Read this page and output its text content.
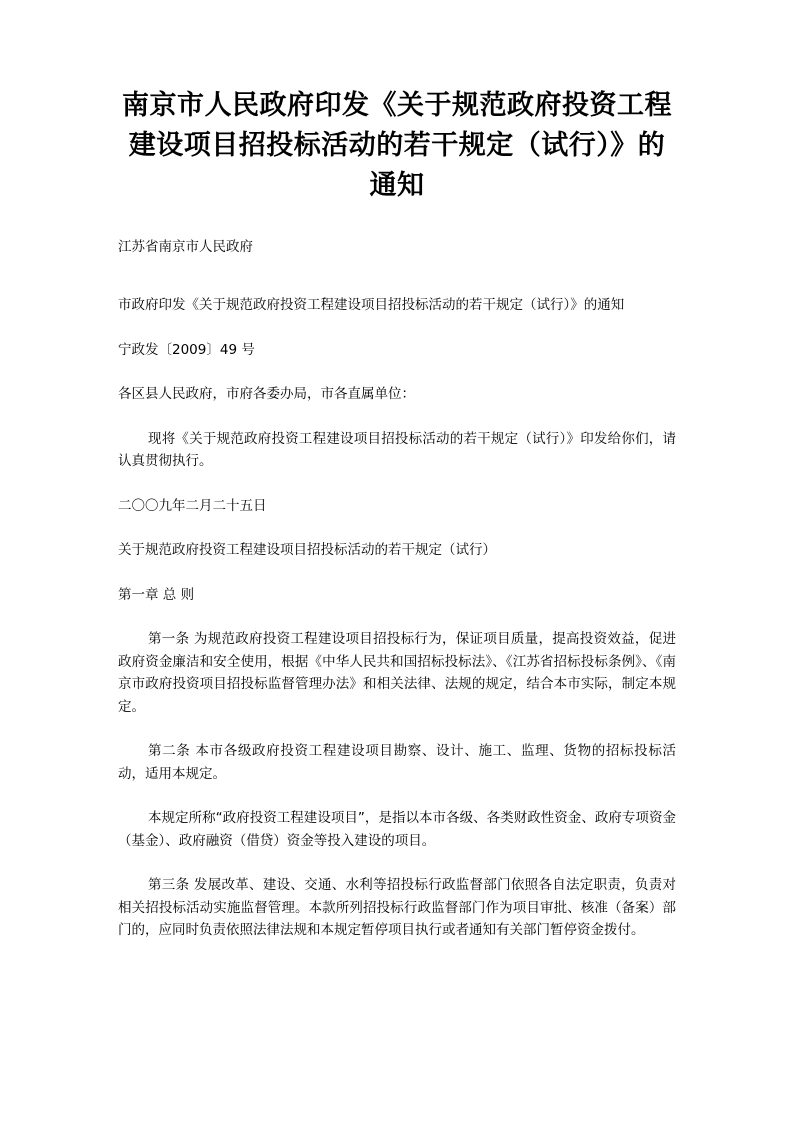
南京市人民政府印发《关于规范政府投资工程建设项目招投标活动的若干规定（试行）》的通知

江苏省南京市人民政府

市政府印发《关于规范政府投资工程建设项目招投标活动的若干规定（试行）》的通知

宁政发〔2009〕49 号

各区县人民政府，市府各委办局，市各直属单位：

现将《关于规范政府投资工程建设项目招投标活动的若干规定（试行）》印发给你们，请认真贯彻执行。

二〇〇九年二月二十五日

关于规范政府投资工程建设项目招投标活动的若干规定（试行）

第一章 总 则

第一条 为规范政府投资工程建设项目招投标行为，保证项目质量，提高投资效益，促进政府资金廉洁和安全使用，根据《中华人民共和国招标投标法》、《江苏省招标投标条例》、《南京市政府投资项目招投标监督管理办法》和相关法律、法规的规定，结合本市实际，制定本规定。

第二条 本市各级政府投资工程建设项目勘察、设计、施工、监理、货物的招标投标活动，适用本规定。

本规定所称“政府投资工程建设项目”，是指以本市各级、各类财政性资金、政府专项资金（基金）、政府融资（借贷）资金等投入建设的项目。

第三条 发展改革、建设、交通、水利等招投标行政监督部门依照各自法定职责，负责对相关招投标活动实施监督管理。本款所列招投标行政监督部门作为项目审批、核准（备案）部门的，应同时负责依照法律法规和本规定暂停项目执行或者通知有关部门暂停资金拨付。
